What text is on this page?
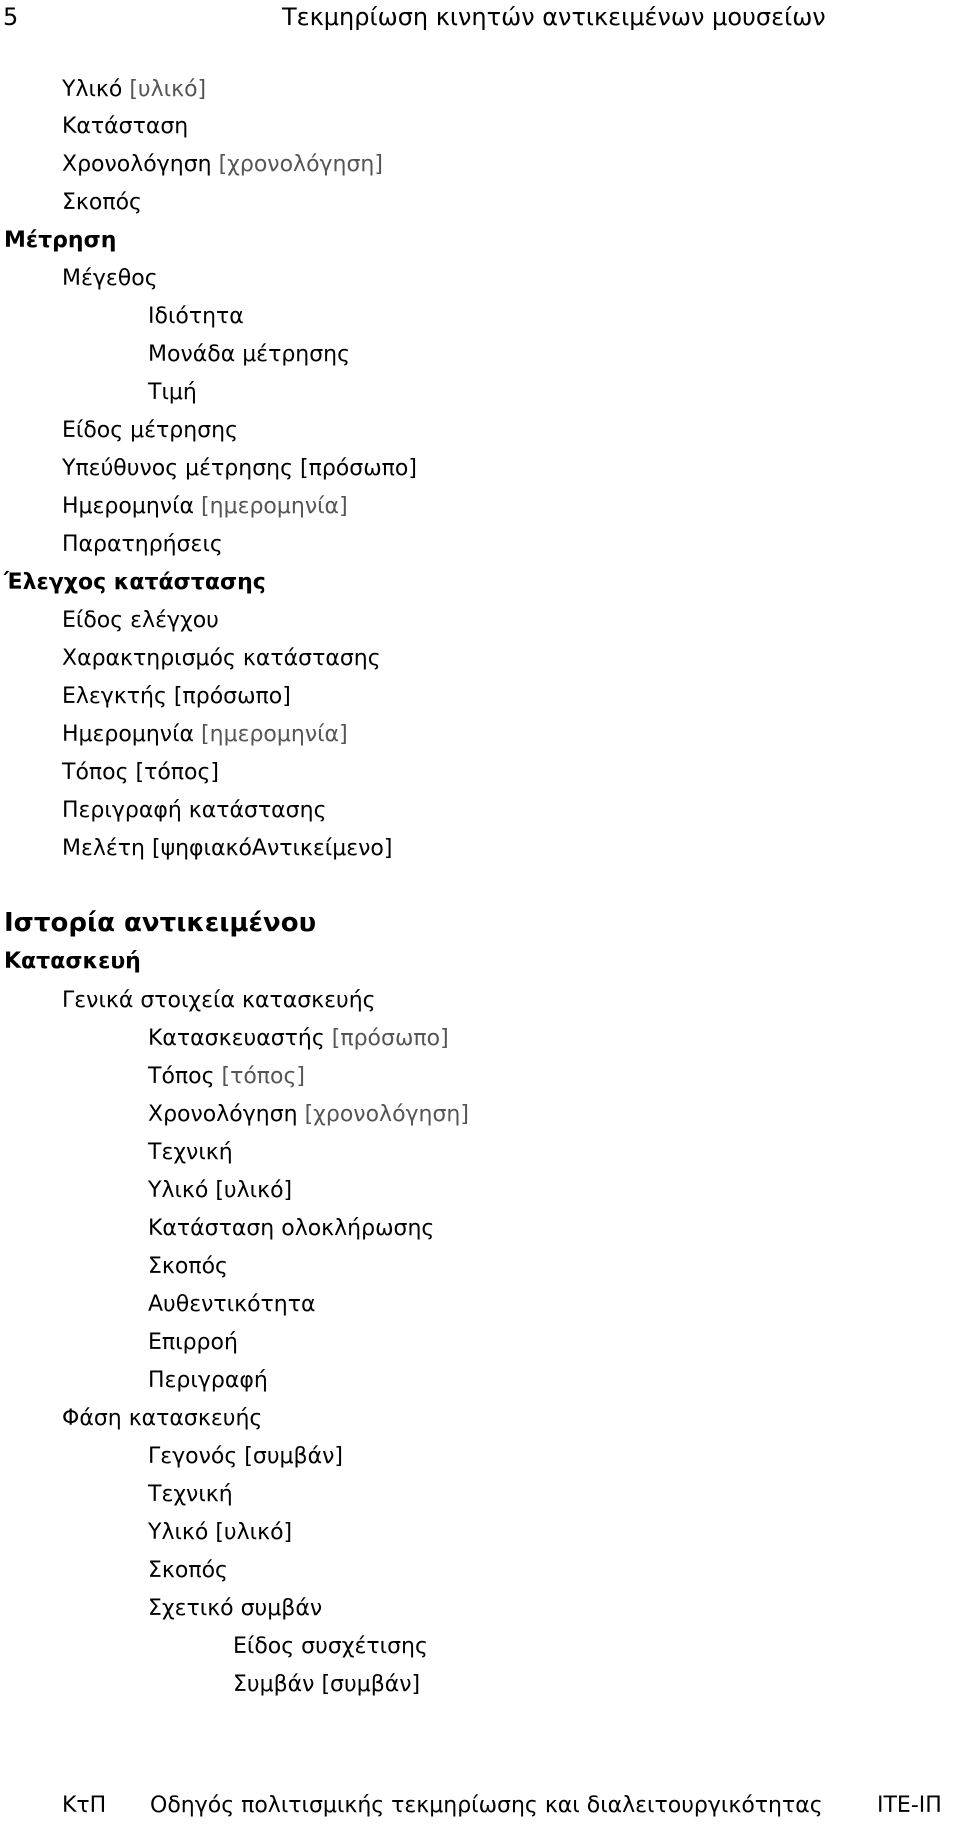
5	Τεκμηρίωση κινητών αντικειμένων μουσείων
Υλικό [υλικό]
Κατάσταση
Χρονολόγηση [χρονολόγηση]
Σκοπός
Μέτρηση
Μέγεθος
Ιδιότητα
Μονάδα μέτρησης
Τιμή
Είδος μέτρησης
Υπεύθυνος μέτρησης [πρόσωπο]
Ημερομηνία [ημερομηνία]
Παρατηρήσεις
Έλεγχος κατάστασης
Είδος ελέγχου
Χαρακτηρισμός κατάστασης
Ελεγκτής [πρόσωπο]
Ημερομηνία [ημερομηνία]
Τόπος [τόπος]
Περιγραφή κατάστασης
Μελέτη [ψηφιακόΑντικείμενο]
Ιστορία αντικειμένου
Κατασκευή
Γενικά στοιχεία κατασκευής
Κατασκευαστής [πρόσωπο]
Τόπος [τόπος]
Χρονολόγηση [χρονολόγηση]
Τεχνική
Υλικό [υλικό]
Κατάσταση ολοκλήρωσης
Σκοπός
Αυθεντικότητα
Επιρροή
Περιγραφή
Φάση κατασκευής
Γεγονός [συμβάν]
Τεχνική
Υλικό [υλικό]
Σκοπός
Σχετικό συμβάν
Είδος συσχέτισης
Συμβάν [συμβάν]
ΚτΠ Οδηγός πολιτισμικής τεκμηρίωσης και διαλειτουργικότητας ΙΤΕ-ΙΠ
